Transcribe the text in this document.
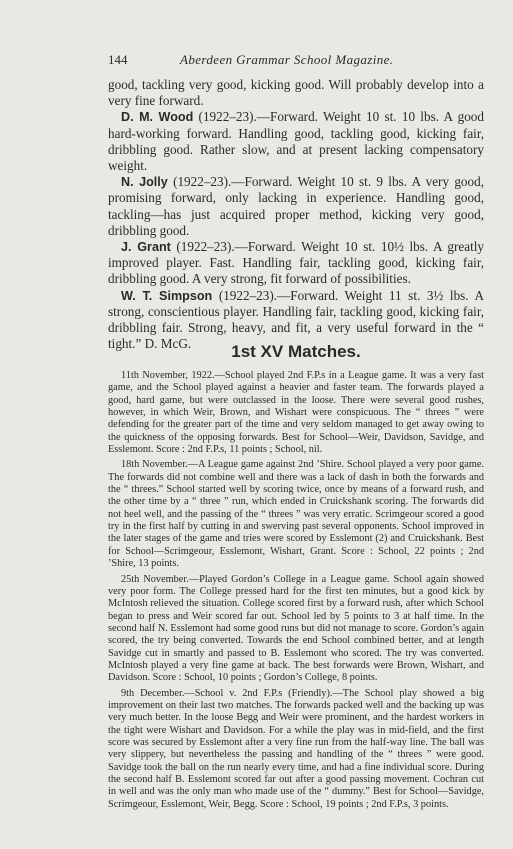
144	Aberdeen Grammar School Magazine.

good, tackling very good, kicking good. Will probably develop into a very fine forward.

D. M. Wood (1922–23).—Forward. Weight 10 st. 10 lbs. A good hard-working forward. Handling good, tackling good, kicking fair, dribbling good. Rather slow, and at present lacking compensatory weight.

N. Jolly (1922–23).—Forward. Weight 10 st. 9 lbs. A very good, promising forward, only lacking in experience. Handling good, tackling—has just acquired proper method, kicking very good, dribbling good.

J. Grant (1922–23).—Forward. Weight 10 st. 10½ lbs. A greatly improved player. Fast. Handling fair, tackling good, kicking fair, dribbling good. A very strong, fit forward of possibilities.

W. T. Simpson (1922–23).—Forward. Weight 11 st. 3½ lbs. A strong, conscientious player. Handling fair, tackling good, kicking fair, dribbling fair. Strong, heavy, and fit, a very useful forward in the “ tight.” D. McG.	1st XV Matches.

11th November, 1922.—School played 2nd F.P.s in a League game. It was a very fast game, and the School played against a heavier and faster team. The forwards played a good, hard game, but were outclassed in the loose. There were several good rushes, however, in which Weir, Brown, and Wishart were conspicuous. The “ threes ” were defending for the greater part of the time and very seldom managed to get away owing to the quickness of the opposing forwards. Best for School—Weir, Davidson, Savidge, and Esslemont. Score : 2nd F.P.s, 11 points ; School, nil.

18th November.—A League game against 2nd ’Shire. School played a very poor game. The forwards did not combine well and there was a lack of dash in both the forwards and the “ threes.” School started well by scoring twice, once by means of a forward rush, and the other time by a “ three ” run, which ended in Cruickshank scoring. The forwards did not heel well, and the passing of the “ threes ” was very erratic. Scrimgeour scored a good try in the first half by cutting in and swerving past several opponents. School improved in the later stages of the game and tries were scored by Esslemont (2) and Cruickshank. Best for School—Scrimgeour, Esslemont, Wishart, Grant. Score : School, 22 points ; 2nd ’Shire, 13 points.

25th November.—Played Gordon’s College in a League game. School again showed very poor form. The College pressed hard for the first ten minutes, but a good kick by McIntosh relieved the situation. College scored first by a forward rush, after which School began to press and Weir scored far out. School led by 5 points to 3 at half time. In the second half N. Esslemont had some good runs but did not manage to score. Gordon’s again scored, the try being converted. Towards the end School combined better, and at length Savidge cut in smartly and passed to B. Esslemont who scored. The try was converted. McIntosh played a very fine game at back. The best forwards were Brown, Wishart, and Davidson. Score : School, 10 points ; Gordon’s College, 8 points.

9th December.—School v. 2nd F.P.s (Friendly).—The School play showed a big improvement on their last two matches. The forwards packed well and the backing up was very much better. In the loose Begg and Weir were prominent, and the hardest workers in the tight were Wishart and Davidson. For a while the play was in mid-field, and the first score was secured by Esslemont after a very fine run from the half-way line. The ball was very slippery, but nevertheless the passing and handling of the “ threes ” were good. Savidge took the ball on the run nearly every time, and had a fine individual score. During the second half B. Esslemont scored far out after a good passing movement. Cochran cut in well and was the only man who made use of the “ dummy.” Best for School—Savidge, Scrimgeour, Esslemont, Weir, Begg. Score : School, 19 points ; 2nd F.P.s, 3 points.
